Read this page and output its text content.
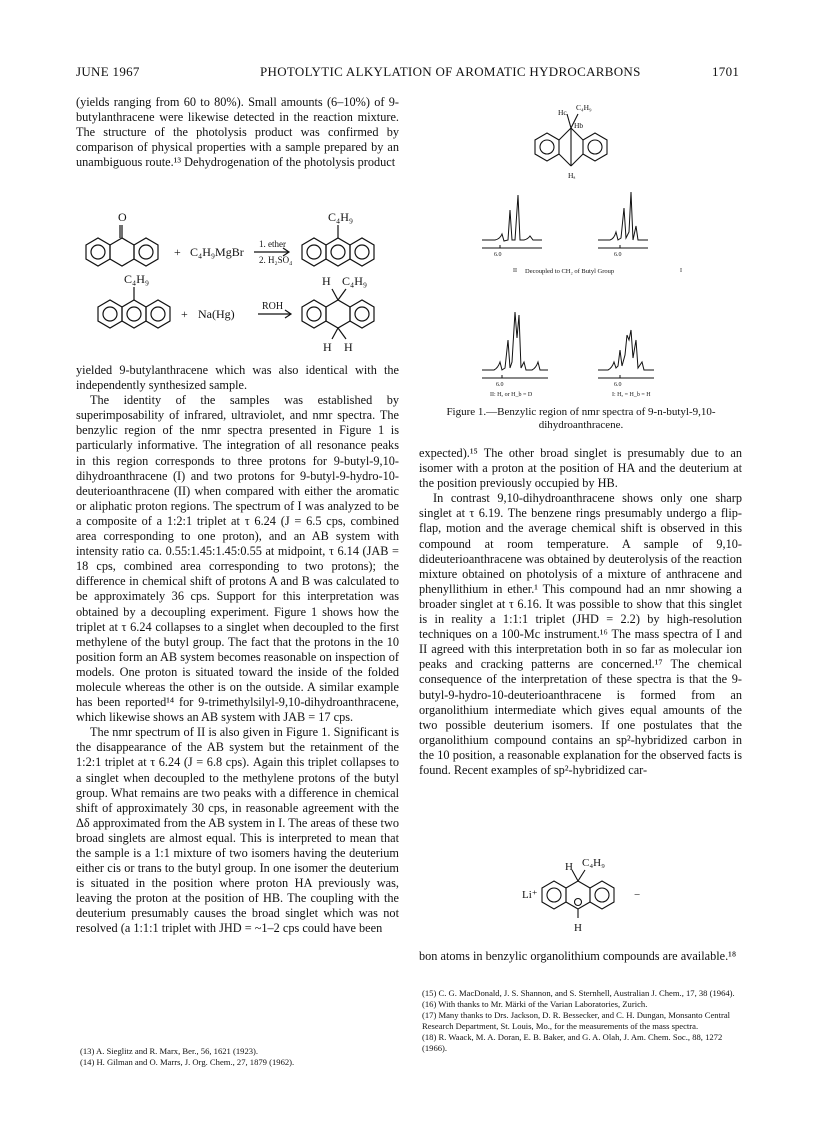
JUNE 1967	PHOTOLYTIC ALKYLATION OF AROMATIC HYDROCARBONS	1701

(yields ranging from 60 to 80%). Small amounts (6–10%) of 9-butylanthracene were likewise detected in the reaction mixture. The structure of the photolysis product was confirmed by comparison of physical properties with a sample prepared by an unambiguous route.¹³ Dehydrogenation of the photolysis product

O
+ C₄H₉MgBr
1. ether
2. H₂SO₄
C₄H₉
C₄H₉
+ Na(Hg)
ROH
H C₄H₉
H H

yielded 9-butylanthracene which was also identical with the independently synthesized sample.

The identity of the samples was established by superimposability of infrared, ultraviolet, and nmr spectra. The benzylic region of the nmr spectra presented in Figure 1 is particularly informative. The integration of all resonance peaks in this region corresponds to three protons for 9-butyl-9,10-dihydroanthracene (I) and two protons for 9-butyl-9-hydro-10-deuterioanthracene (II) when compared with either the aromatic or aliphatic proton regions. The spectrum of I was analyzed to be a composite of a 1:2:1 triplet at τ 6.24 (J = 6.5 cps, combined area corresponding to one proton), and an AB system with intensity ratio ca. 0.55:1.45:1.45:0.55 at midpoint, τ 6.14 (JAB = 18 cps, combined area corresponding to two protons); the difference in chemical shift of protons A and B was calculated to be approximately 36 cps. Support for this interpretation was obtained by a decoupling experiment. Figure 1 shows how the triplet at τ 6.24 collapses to a singlet when decoupled to the first methylene of the butyl group. The fact that the protons in the 10 position form an AB system becomes reasonable on inspection of models. One proton is situated toward the inside of the folded molecule whereas the other is on the outside. A similar example has been reported¹⁴ for 9-trimethylsilyl-9,10-dihydroanthracene, which likewise shows an AB system with JAB = 17 cps.

The nmr spectrum of II is also given in Figure 1. Significant is the disappearance of the AB system but the retainment of the 1:2:1 triplet at τ 6.24 (J = 6.8 cps). Again this triplet collapses to a singlet when decoupled to the methylene protons of the butyl group. What remains are two peaks with a difference in chemical shift of approximately 30 cps, in reasonable agreement with the Δδ approximated from the AB system in I. The areas of these two broad singlets are almost equal. This is interpreted to mean that the sample is a 1:1 mixture of two isomers having the deuterium either cis or trans to the butyl group. In one isomer the deuterium is situated in the position where proton HA previously was, leaving the proton at the position of HB. The coupling with the deuterium presumably causes the broad singlet which was not resolved (a 1:1:1 triplet with JHD = ~1–2 cps could have been

(13) A. Sieglitz and R. Marx, Ber., 56, 1621 (1923).
(14) H. Gilman and O. Marrs, J. Org. Chem., 27, 1879 (1962).
Hc
C₄H₉
Hb
Hₐ
6.0	6.0
II Decoupled to CH₂ of Butyl Group	I
6.0	6.0
II: Hₐ or H_b = D	I: Hₐ = H_b = H
Figure 1.—Benzylic region of nmr spectra of 9-n-butyl-9,10-dihydroanthracene.

expected).¹⁵ The other broad singlet is presumably due to an isomer with a proton at the position of HA and the deuterium at the position previously occupied by HB.

In contrast 9,10-dihydroanthracene shows only one sharp singlet at τ 6.19. The benzene rings presumably undergo a flip-flap, motion and the average chemical shift is observed in this compound at room temperature. A sample of 9,10-dideuterioanthracene was obtained by deuterolysis of the reaction mixture obtained on photolysis of a mixture of anthracene and phenyllithium in ether.¹ This compound had an nmr showing a broader singlet at τ 6.16. It was possible to show that this singlet is in reality a 1:1:1 triplet (JHD = 2.2) by high-resolution techniques on a 100-Mc instrument.¹⁶ The mass spectra of I and II agreed with this interpretation both in so far as molecular ion peaks and cracking patterns are concerned.¹⁷ The chemical consequence of the interpretation of these spectra is that the 9-butyl-9-hydro-10-deuterioanthracene is formed from an organolithium intermediate which gives equal amounts of the two possible deuterium isomers. If one postulates that the organolithium compound contains an sp²-hybridized carbon in the 10 position, a reasonable explanation for the observed facts is found. Recent examples of sp²-hybridized car-

Li⁺
H C₄H₉
H
−

bon atoms in benzylic organolithium compounds are available.¹⁸

(15) C. G. MacDonald, J. S. Shannon, and S. Sternhell, Australian J. Chem., 17, 38 (1964).
(16) With thanks to Mr. Märki of the Varian Laboratories, Zurich.
(17) Many thanks to Drs. Jackson, D. R. Bessecker, and C. H. Dungan, Monsanto Central Research Department, St. Louis, Mo., for the measurements of the mass spectra.
(18) R. Waack, M. A. Doran, E. B. Baker, and G. A. Olah, J. Am. Chem. Soc., 88, 1272 (1966).
